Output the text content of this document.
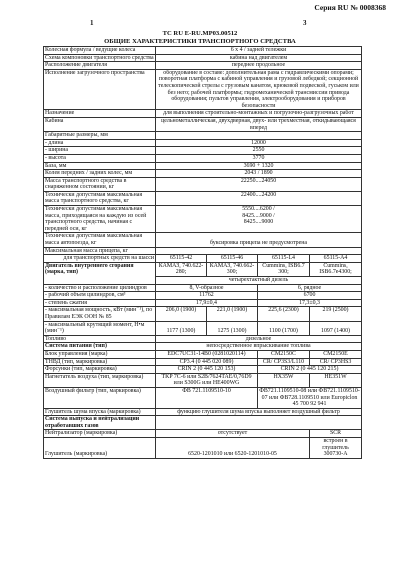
Серия RU № 0008368
1	3
TC RU E-RU.MP03.00512
ОБЩИЕ ХАРАКТЕРИСТИКИ ТРАНСПОРТНОГО СРЕДСТВА
Колесная формула / ведущие колеса	6 х 4 / задней тележки			
Схема компоновки транспортного средства	кабина над двигателем			
Расположение двигателя	переднее продольное			
Исполнение загрузочного пространства	оборудование в составе: дополнительная рама с гидравлическими опорами; поворотная платформа с кабиной управления и грузовой лебедкой; секционной телескопической стрелы с грузовым канатом, крюковой подвеской, гуськом или без него; рабочей платформы; гидромеханической трансмиссии привода оборудования; пультов управления, электрооборудования и приборов безопасности			
Назначение	для выполнения строительно-монтажных и погрузочно-разгрузочных работ			
Кабина	цельнометаллическая, двухдверная, двух- или трехместная, откидывающаяся вперед			
Габаритные размеры, мм				
- длина	12000			
- ширина	2550			
- высота	3770			
База, мм	3690 + 1320			
Колея передних / задних колес, мм	2043 / 1890			
Масса транспортного средства в снаряженном состоянии, кг	22250....24050			
Технически допустимая максимальная масса транспортного средства, кг	22400....24200			
Технически допустимая максимальная масса, приходящаяся на каждую из осей транспортного средства, начиная с передней оси, кг	5550....6200 /
8425....9000 /
8425....9000			

Технически допустимая максимальная масса автопоезда, кг	буксировка прицепа не предусмотрена			
Максимальная масса прицепа, кг				
для транспортных средств на шасси	65115-42	65115-46	65115-L4	65115-A4
Двигатель внутреннего сгорания (марка, тип)	КАМАЗ, 740.622-280;	КАМАЗ, 740.662-300;	Cummins, ISB6.7 300;	Cummins, ISB6.7e4300;
	четырехтактный дизель			
- количество и расположение цилиндров	8, V-образное		6, рядное	
- рабочий объем цилиндров, см³	11762		6700	
- степень сжатия	17,9±0,4		17,3±0,3	
- максимальная мощность, кВт (мин⁻¹), по Правилам ЕЭК ООН № 85	206,0 (1900)	221,0 (1900)	225,6 (2300)	219 (2500)
- максимальный крутящий момент, Н•м (мин⁻¹)	1177 (1300)	1275 (1300)	1100 (1700)	1097 (1400)
Топливо	дизельное			
Система питания (тип)	непосредственное впрыскивание топлива			
Блок управления (марка)	EDC7UC31-14B0 (0281020114)		CM2150C	CM2150E
ТНВД (тип, маркировка)	CP3.4 (0 445 020 089)		CR/ CP3S3/L110	CR/ CP3HS3
Форсунки (тип, маркировка)	CRIN 2 (0 445 120 153)		CRIN 2 (0 445 120 215)	
Нагнетатель воздуха (тип, маркировка)	TKP 7С-6 или S2B/7624TAE/0,76D9 или S300G или HE400WG		HX35W	HE351W
Воздушный фильтр (тип, маркировка)	ФВ 721.1109510-10		ФВ721.1109510-08 или ФВ721.1109510-07 или ФВ728.1109510 или Europiclon 45 700 92 941	
Глушитель шума впуска (маркировка)	функцию глушителя шума впуска выполняет воздушный фильтр			
Система выпуска и нейтрализации отработавших газов				
Нейтрализатор (маркировка)	отсутствует			SCR
Глушитель (маркировка)	6520-1201010 или 6520-1201010-05			встроен в глушитель
300730-A
